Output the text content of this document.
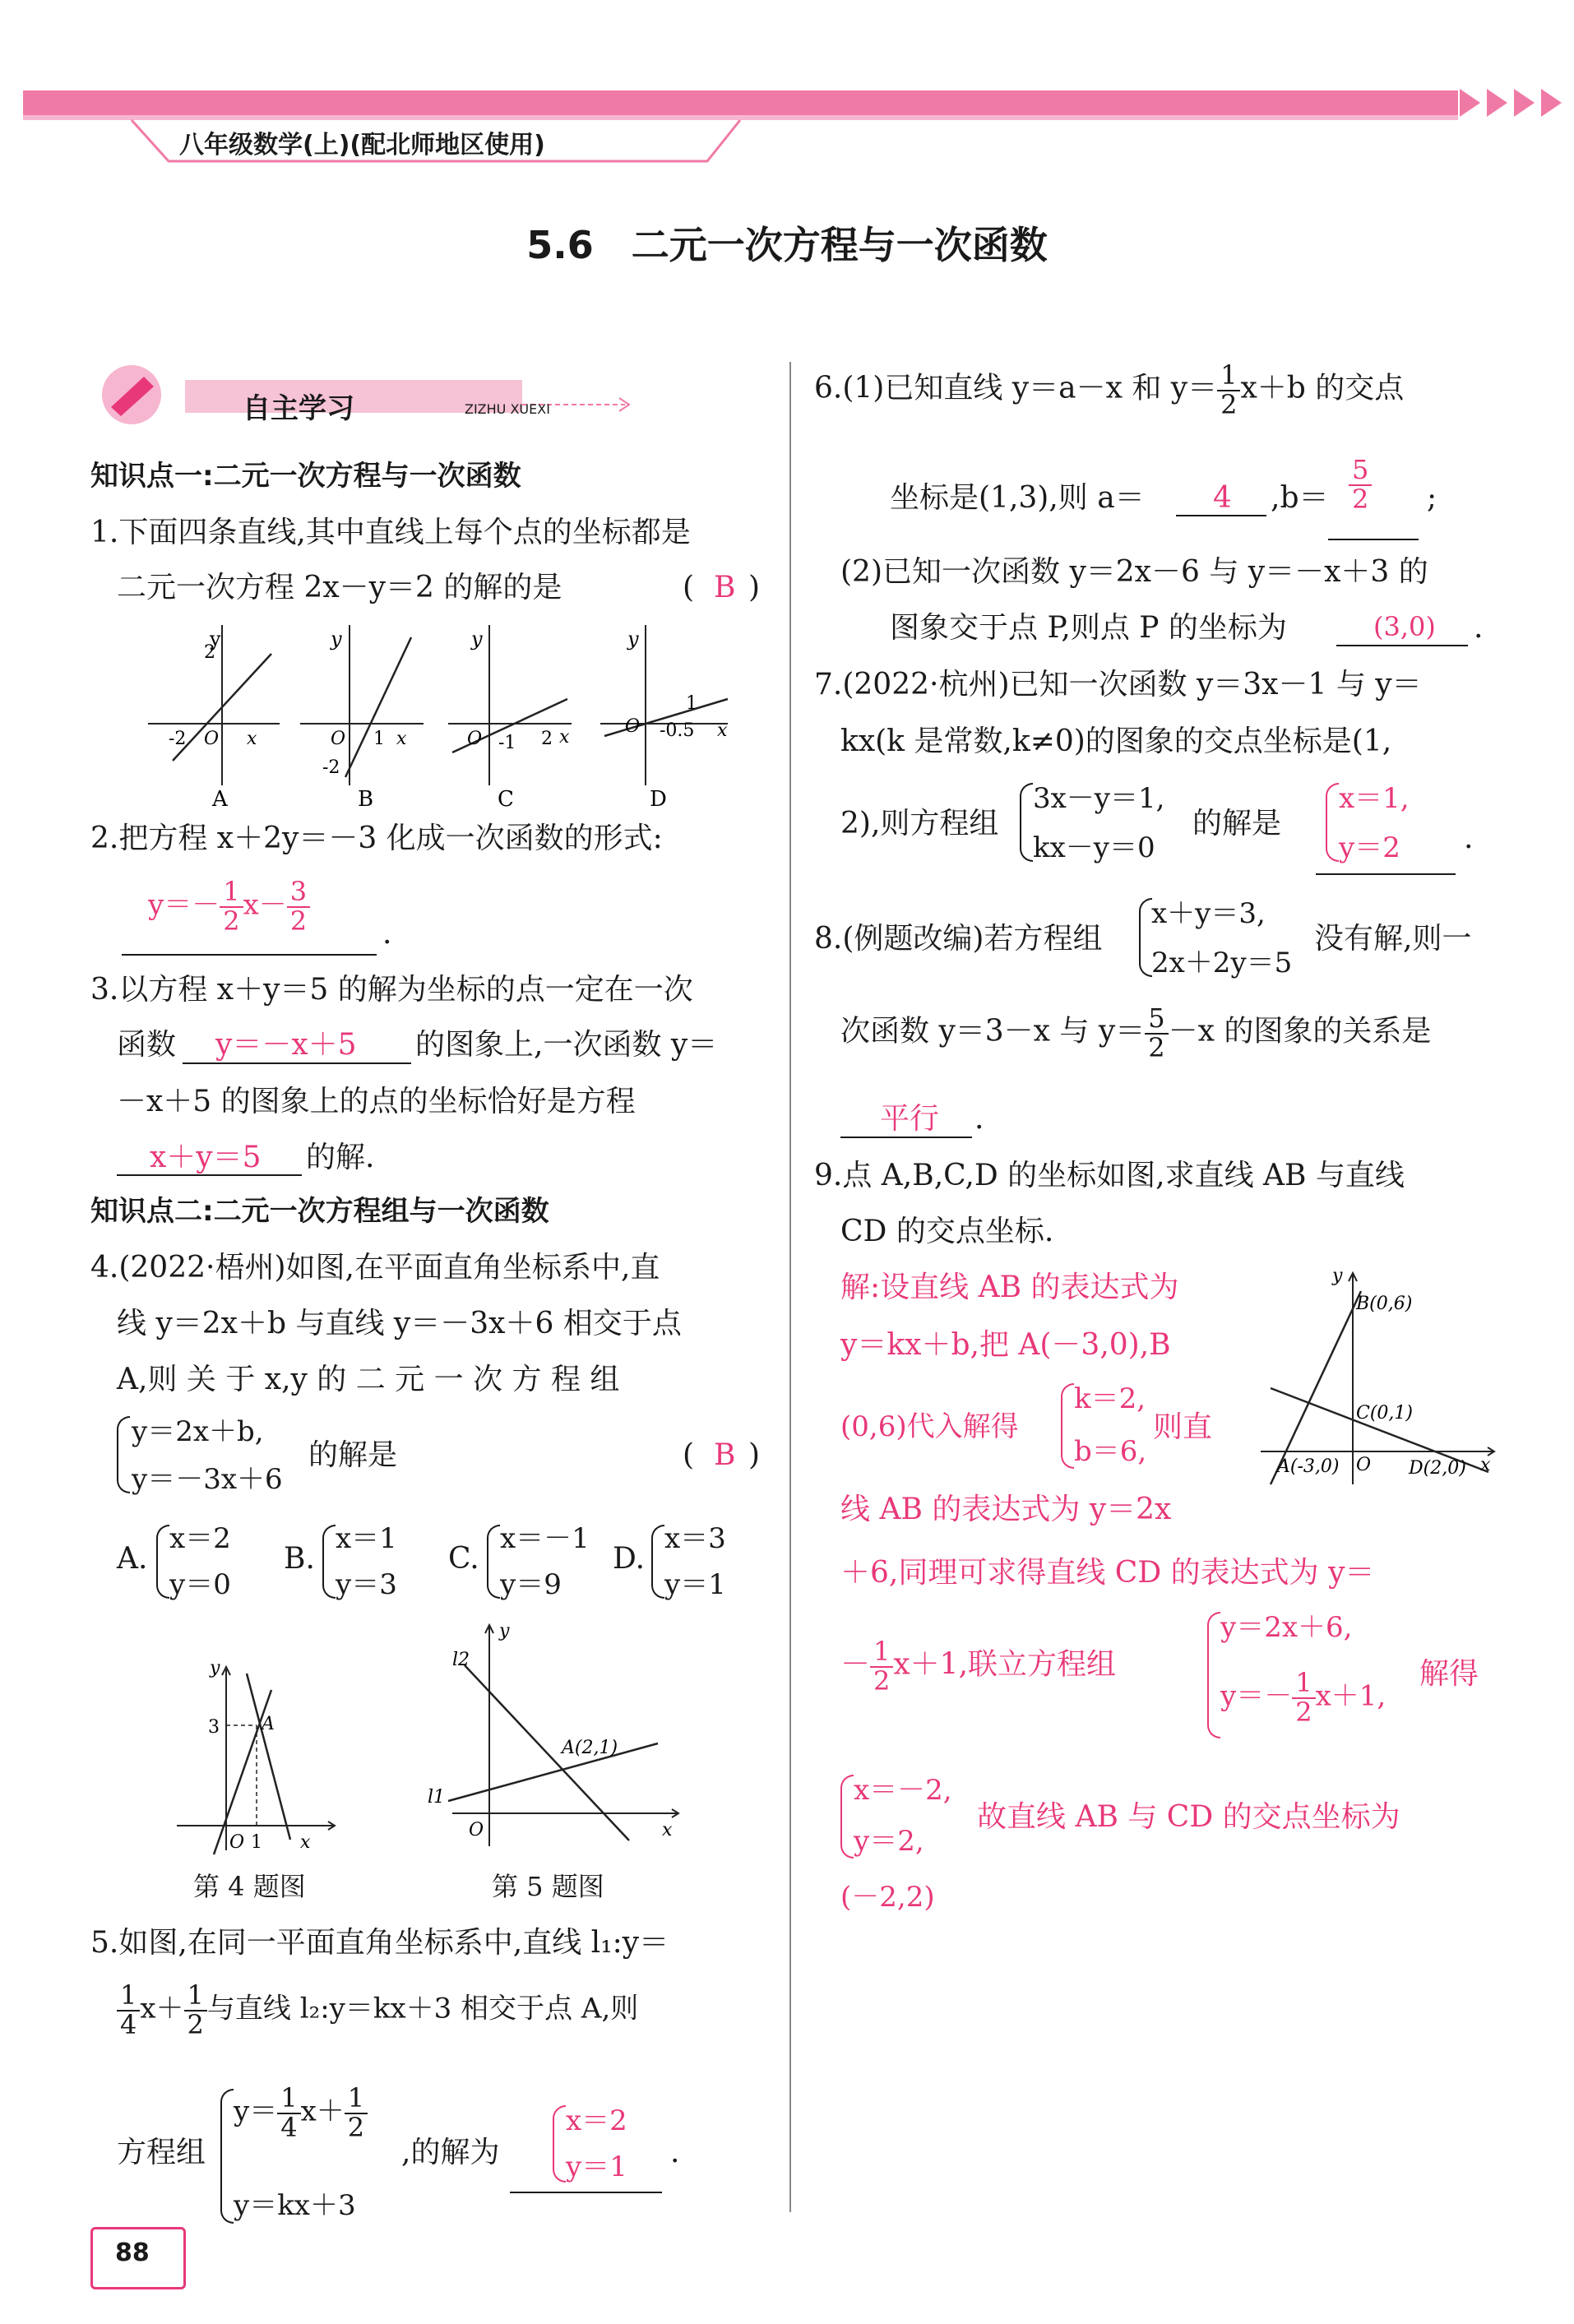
八年级数学(上)(配北师地区使用)
5.6　二元一次方程与一次函数
自主学习	ZIZHU XUEXI
知识点一:二元一次方程与一次函数
1.下面四条直线,其中直线上每个点的坐标都是
二元一次方程 2x－y＝2 的解的是	( B )
y
2
-2 O x
A
y
O 1
-2
x
B
y
O -1 2 x
C
y
O
1
-0.5 x
D
2.把方程 x＋2y＝－3 化成一次函数的形式:
$y=- \frac{1}{2} x- \frac{3}{2}$ .
3.以方程 x＋y＝5 的解为坐标的点一定在一次
函数 y＝－x＋5 的图象上,一次函数 y＝
－x＋5 的图象上的点的坐标恰好是方程
x＋y＝5 的解.
知识点二:二元一次方程组与一次函数
4.(2022·梧州)如图,在平面直角坐标系中,直
线 y＝2x＋b 与直线 y＝－3x＋6 相交于点
A,则 关 于 x,y 的 二 元 一 次 方 程 组
y＝2x＋b,
y＝－3x＋6
的解是	( B )
A.
x＝2
y＝0
B.
x＝1
y＝3
C.
x＝－1
y＝9
D.
x＝3
y＝1
y
3 A
O 1 x
第 4 题图
y
l2
A(2,1)
l1
O	x
第 5 题图
5.如图,在同一平面直角坐标系中,直线 l₁:y＝
$\frac{1}{4} x+ \frac{1}{2}$ 与直线 l₂:y＝kx＋3 相交于点 A,则
方程组
$y= \frac{1}{4} x+ \frac{1}{2}$
y＝kx＋3
,的解为
x＝2
y＝1 .
88
6.(1)已知直线 y＝a－x 和 $y= \frac{1}{2} x+b$ 的交点
坐标是(1,3),则 a＝ 4 $,b= \frac{5}{2}$ ;
(2)已知一次函数 y＝2x－6 与 y＝－x＋3 的
图象交于点 P,则点 P 的坐标为	(3,0) .
7.(2022·杭州)已知一次函数 y＝3x－1 与 y＝
kx(k 是常数,k≠0)的图象的交点坐标是(1,
2),则方程组
3x－y＝1,
kx－y＝0
的解是
x＝1,
y＝2 .
8.(例题改编)若方程组
x＋y＝3,
2x＋2y＝5
没有解,则一
次函数 y＝3－x 与 $y= \frac{5}{2} -x$ 的图象的关系是
平行 .
9.点 A,B,C,D 的坐标如图,求直线 AB 与直线
CD 的交点坐标.
解:设直线 AB 的表达式为
y＝kx＋b,把 A(－3,0),B
(0,6)代入解得
k＝2,
b＝6,
则直
线 AB 的表达式为 y＝2x
＋6,同理可求得直线 CD 的表达式为 y＝
－ $\frac{1}{2} x+1$,联立方程组
y＝2x＋6,
$y=- \frac{1}{2} x+1$,
解得
x＝－2,
y＝2,
故直线 AB 与 CD 的交点坐标为
(－2,2)
y
B(0,6)
C(0,1)
A(-3,0) O D(2,0) x
